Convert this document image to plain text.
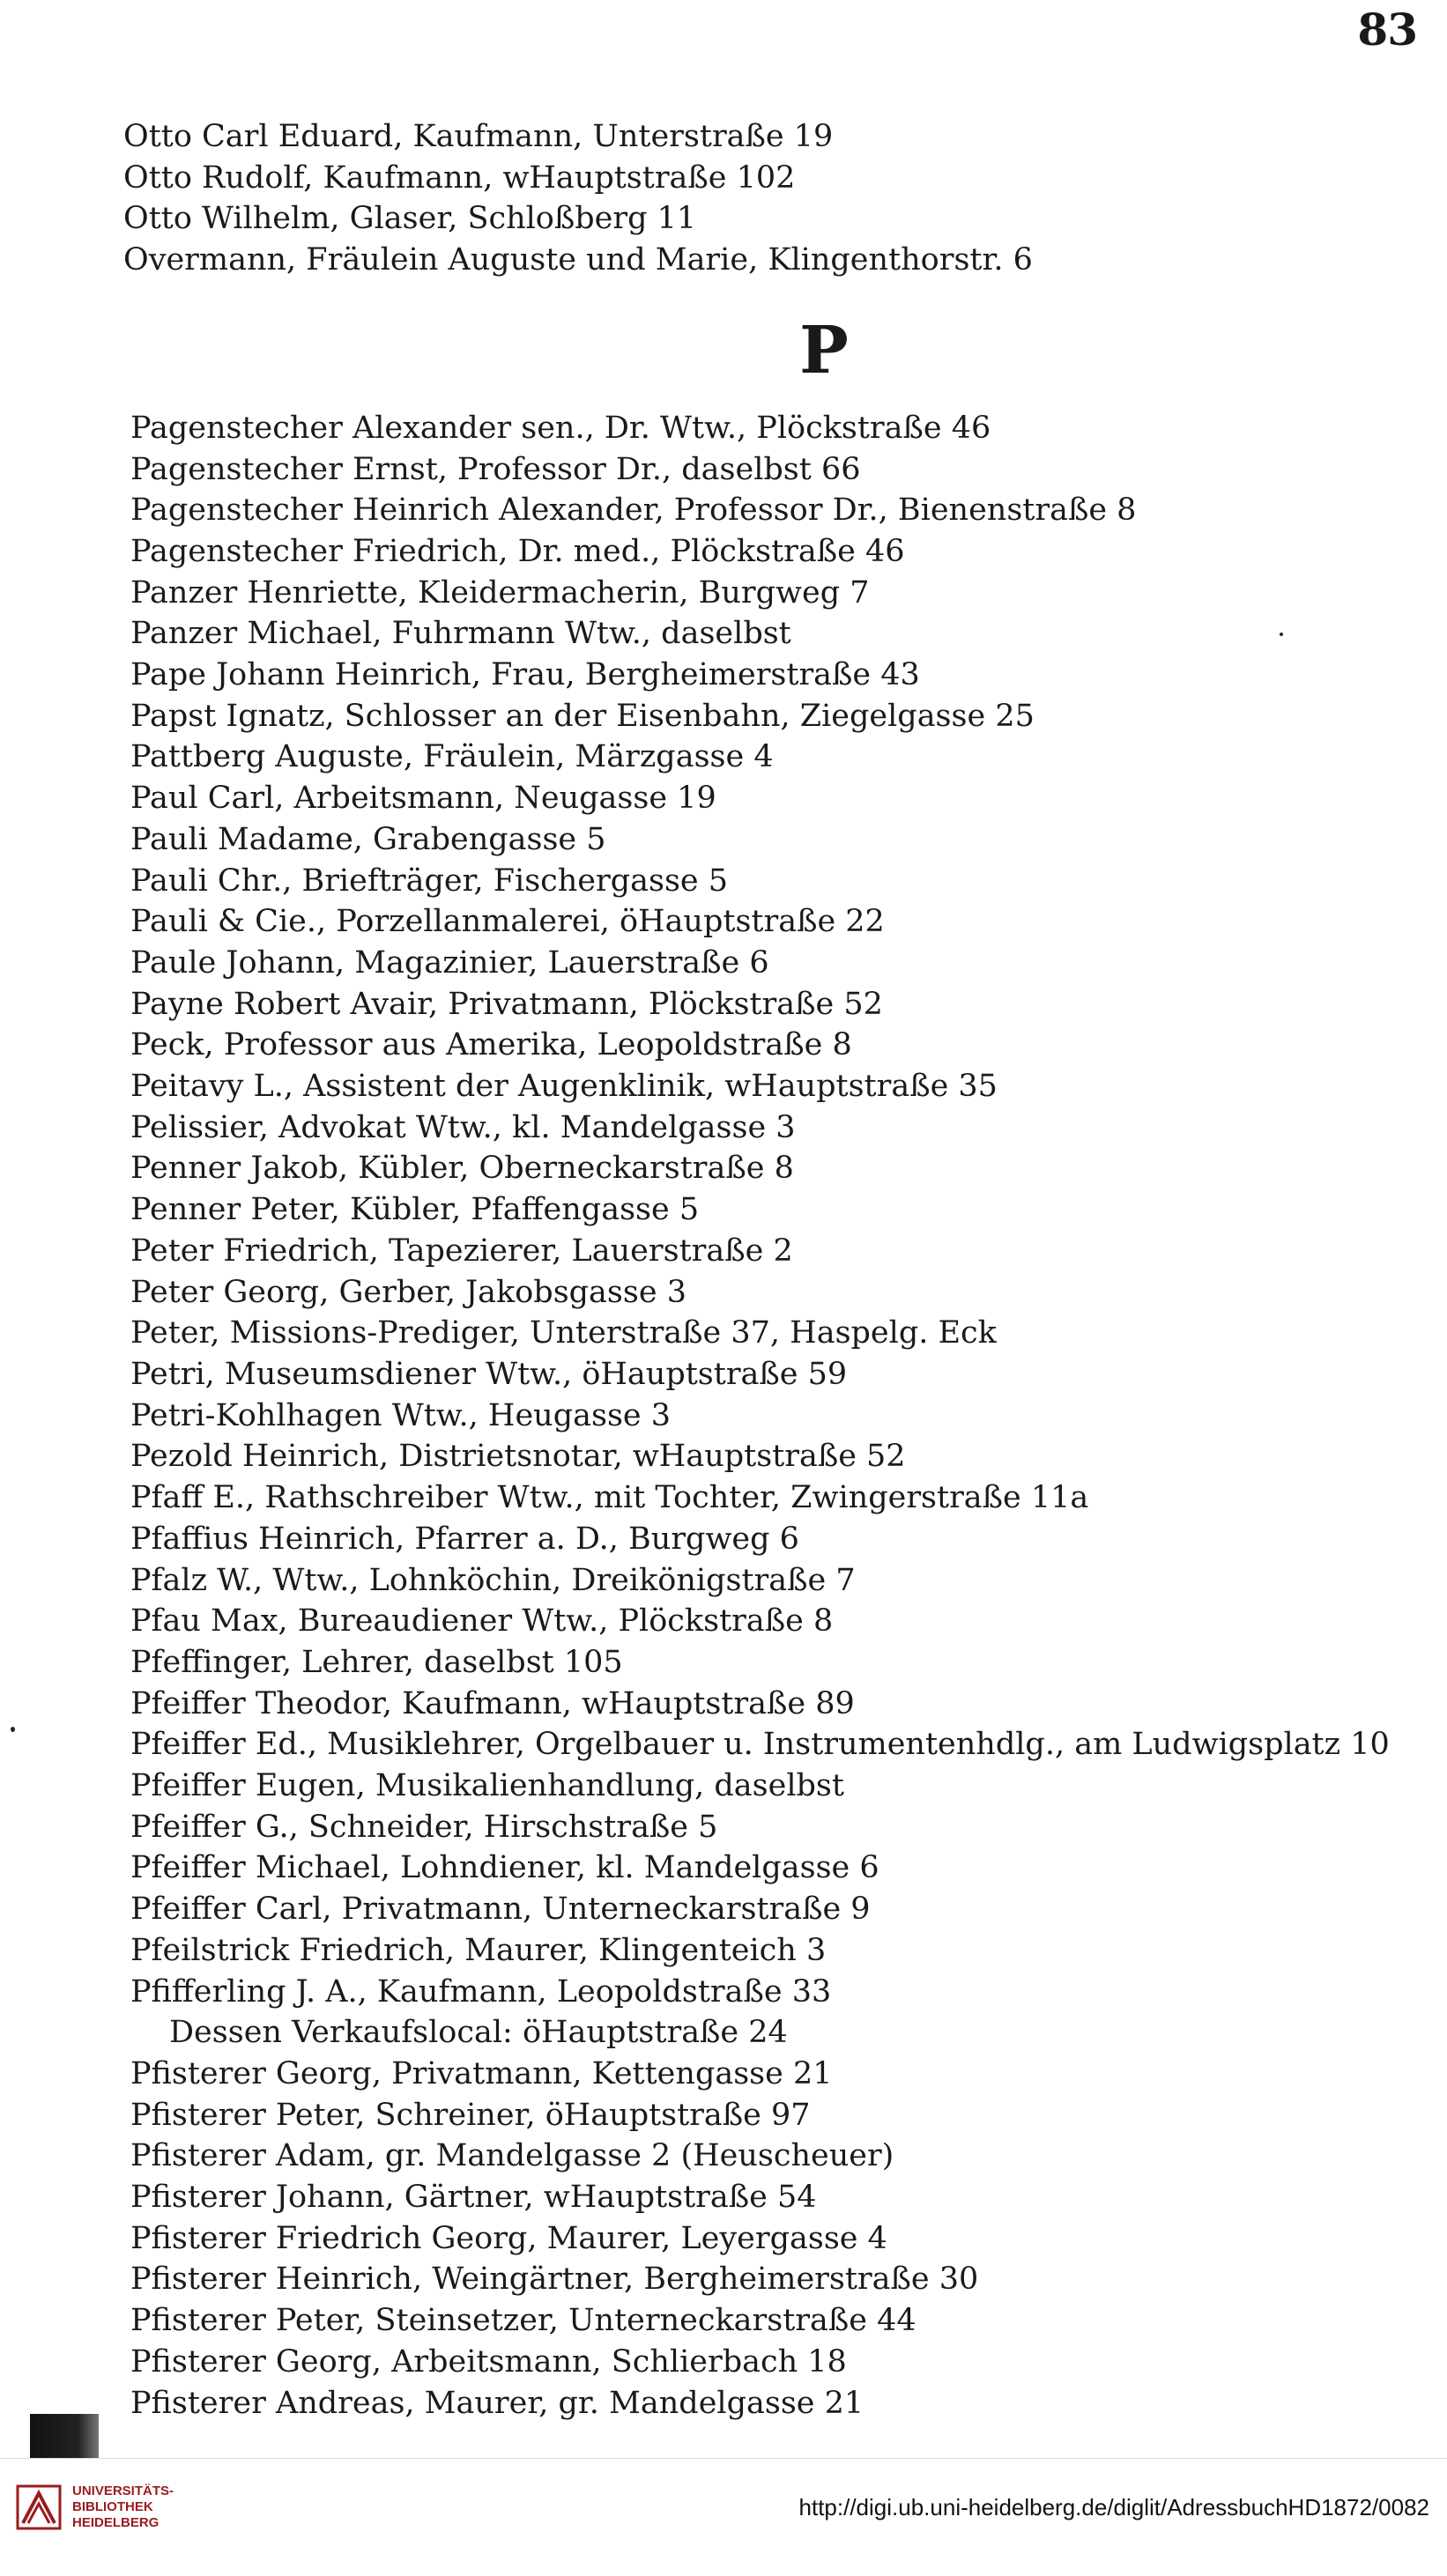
83
Otto Carl Eduard, Kaufmann, Unterstraße 19
Otto Rudolf, Kaufmann, wHauptstraße 102
Otto Wilhelm, Glaser, Schloßberg 11
Overmann, Fräulein Auguste und Marie, Klingenthorstr. 6
P
Pagenstecher Alexander sen., Dr. Wtw., Plöckstraße 46
Pagenstecher Ernst, Professor Dr., daselbst 66
Pagenstecher Heinrich Alexander, Professor Dr., Bienenstraße 8
Pagenstecher Friedrich, Dr. med., Plöckstraße 46
Panzer Henriette, Kleidermacherin, Burgweg 7
Panzer Michael, Fuhrmann Wtw., daselbst
Pape Johann Heinrich, Frau, Bergheimerstraße 43
Papst Ignatz, Schlosser an der Eisenbahn, Ziegelgasse 25
Pattberg Auguste, Fräulein, Märzgasse 4
Paul Carl, Arbeitsmann, Neugasse 19
Pauli Madame, Grabengasse 5
Pauli Chr., Briefträger, Fischergasse 5
Pauli & Cie., Porzellanmalerei, öHauptstraße 22
Paule Johann, Magazinier, Lauerstraße 6
Payne Robert Avair, Privatmann, Plöckstraße 52
Peck, Professor aus Amerika, Leopoldstraße 8
Peitavy L., Assistent der Augenklinik, wHauptstraße 35
Pelissier, Advokat Wtw., kl. Mandelgasse 3
Penner Jakob, Kübler, Oberneckarstraße 8
Penner Peter, Kübler, Pfaffengasse 5
Peter Friedrich, Tapezierer, Lauerstraße 2
Peter Georg, Gerber, Jakobsgasse 3
Peter, Missions-Prediger, Unterstraße 37, Haspelg. Eck
Petri, Museumsdiener Wtw., öHauptstraße 59
Petri-Kohlhagen Wtw., Heugasse 3
Pezold Heinrich, Distrietsnotar, wHauptstraße 52
Pfaff E., Rathschreiber Wtw., mit Tochter, Zwingerstraße 11a
Pfaffius Heinrich, Pfarrer a. D., Burgweg 6
Pfalz W., Wtw., Lohnköchin, Dreikönigstraße 7
Pfau Max, Bureaudiener Wtw., Plöckstraße 8
Pfeffinger, Lehrer, daselbst 105
Pfeiffer Theodor, Kaufmann, wHauptstraße 89
Pfeiffer Ed., Musiklehrer, Orgelbauer u. Instrumentenhdlg., am Ludwigsplatz 10
Pfeiffer Eugen, Musikalienhandlung, daselbst
Pfeiffer G., Schneider, Hirschstraße 5
Pfeiffer Michael, Lohndiener, kl. Mandelgasse 6
Pfeiffer Carl, Privatmann, Unterneckarstraße 9
Pfeilstrick Friedrich, Maurer, Klingenteich 3
Pfifferling J. A., Kaufmann, Leopoldstraße 33
Dessen Verkaufslocal: öHauptstraße 24
Pfisterer Georg, Privatmann, Kettengasse 21
Pfisterer Peter, Schreiner, öHauptstraße 97
Pfisterer Adam, gr. Mandelgasse 2 (Heuscheuer)
Pfisterer Johann, Gärtner, wHauptstraße 54
Pfisterer Friedrich Georg, Maurer, Leyergasse 4
Pfisterer Heinrich, Weingärtner, Bergheimerstraße 30
Pfisterer Peter, Steinsetzer, Unterneckarstraße 44
Pfisterer Georg, Arbeitsmann, Schlierbach 18
Pfisterer Andreas, Maurer, gr. Mandelgasse 21
UNIVERSITÄTS-
BIBLIOTHEK
HEIDELBERG
http://digi.ub.uni-heidelberg.de/diglit/AdressbuchHD1872/0082
